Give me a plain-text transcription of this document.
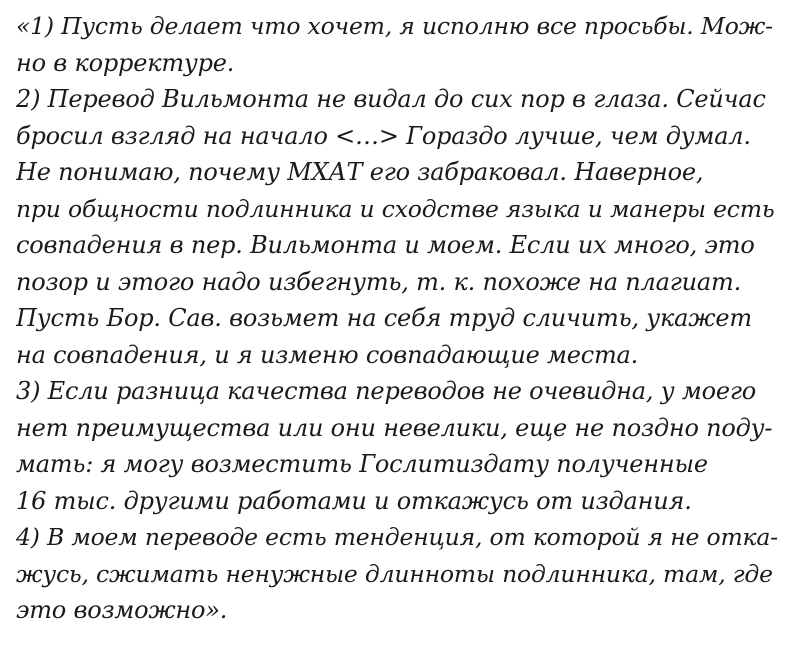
«1) Пусть делает что хочет, я исполню все просьбы. Мож-
но в корректуре.
2) Перевод Вильмонта не видал до сих пор в глаза. Сейчас
бросил взгляд на начало <…> Гораздо лучше, чем думал.
Не понимаю, почему МХАТ его забраковал. Наверное,
при общности подлинника и сходстве языка и манеры есть
совпадения в пер. Вильмонта и моем. Если их много, это
позор и этого надо избегнуть, т. к. похоже на плагиат.
Пусть Бор. Сав. возьмет на себя труд сличить, укажет
на совпадения, и я изменю совпадающие места.
3) Если разница качества переводов не очевидна, у моего
нет преимущества или они невелики, еще не поздно поду-
мать: я могу возместить Гослитиздату полученные
16 тыс. другими работами и откажусь от издания.
4) В моем переводе есть тенденция, от которой я не отка-
жусь, сжимать ненужные длинноты подлинника, там, где
это возможно».
